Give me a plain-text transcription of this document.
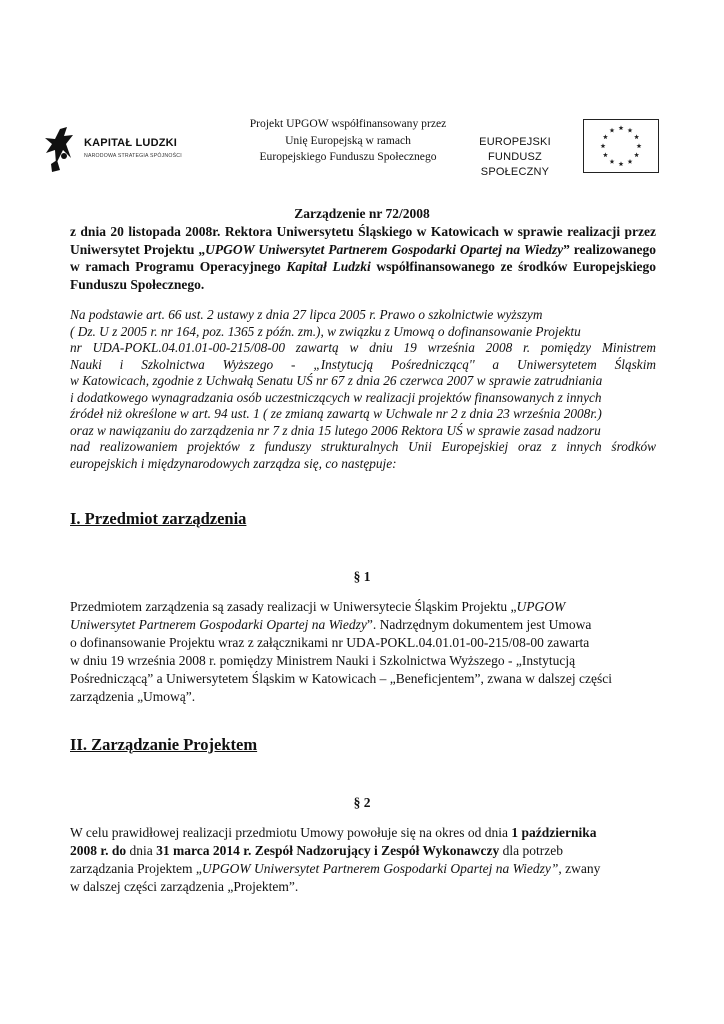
KAPITAŁ LUDZKI
NARODOWA STRATEGIA SPÓJNOŚCI
Projekt UPGOW współfinansowany przez
Unię Europejską w ramach
Europejskiego Funduszu Społecznego
EUROPEJSKI
FUNDUSZ SPOŁECZNY
Zarządzenie nr 72/2008
z dnia 20 listopada 2008r. Rektora Uniwersytetu Śląskiego w Katowicach w sprawie realizacji przez Uniwersytet Projektu „UPGOW Uniwersytet Partnerem Gospodarki Opartej na Wiedzy” realizowanego w ramach Programu Operacyjnego Kapitał Ludzki współfinansowanego ze środków Europejskiego Funduszu Społecznego.
Na podstawie art. 66 ust. 2 ustawy z dnia 27 lipca 2005 r. Prawo o szkolnictwie wyższym
( Dz. U z 2005 r. nr 164, poz. 1365 z późn. zm.), w związku z Umową o dofinansowanie Projektu
nr UDA-POKL.04.01.01-00-215/08-00 zawartą w dniu 19 września 2008 r. pomiędzy Ministrem
Nauki i Szkolnictwa Wyższego - „Instytucją Pośredniczącą'' a Uniwersytetem Śląskim
w Katowicach, zgodnie z Uchwałą Senatu UŚ nr 67 z dnia 26 czerwca 2007 w sprawie zatrudniania
i dodatkowego wynagradzania osób uczestniczących w realizacji projektów finansowanych z innych
źródeł niż określone w art. 94 ust. 1 ( ze zmianą zawartą w Uchwale nr 2 z dnia 23 września 2008r.)
oraz w nawiązaniu do zarządzenia nr 7 z dnia 15 lutego 2006 Rektora UŚ w sprawie zasad nadzoru
nad realizowaniem projektów z funduszy strukturalnych Unii Europejskiej oraz z innych środków
europejskich i międzynarodowych zarządza się, co następuje:
I. Przedmiot zarządzenia
§ 1
Przedmiotem zarządzenia są zasady realizacji w Uniwersytecie Śląskim Projektu „UPGOW
Uniwersytet Partnerem Gospodarki Opartej na Wiedzy”. Nadrzędnym dokumentem jest Umowa
o dofinansowanie Projektu wraz z załącznikami nr UDA-POKL.04.01.01-00-215/08-00 zawarta
w dniu 19 września 2008 r. pomiędzy Ministrem Nauki i Szkolnictwa Wyższego - „Instytucją
Pośredniczącą” a Uniwersytetem Śląskim w Katowicach – „Beneficjentem”, zwana w dalszej części
zarządzenia „Umową”.
II. Zarządzanie Projektem
§ 2
W celu prawidłowej realizacji przedmiotu Umowy powołuje się na okres od dnia 1 października
2008 r. do dnia 31 marca 2014 r. Zespół Nadzorujący i Zespół Wykonawczy dla potrzeb
zarządzania Projektem „UPGOW Uniwersytet Partnerem Gospodarki Opartej na Wiedzy”, zwany
w dalszej części zarządzenia „Projektem”.
